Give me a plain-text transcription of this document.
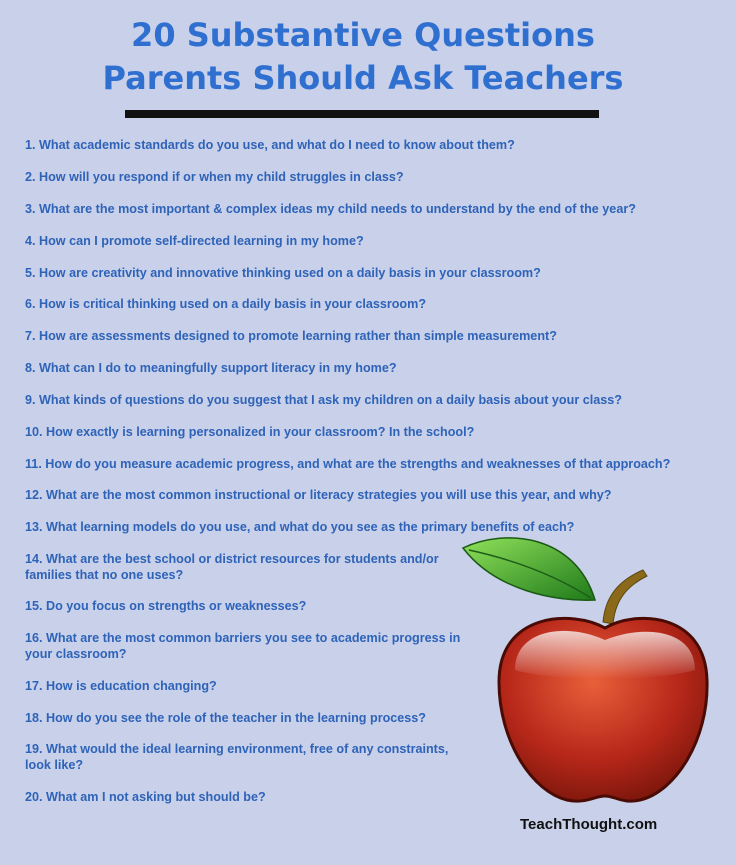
20 Substantive Questions
Parents Should Ask Teachers

1. What academic standards do you use, and what do I need to know about them?

2. How will you respond if or when my child struggles in class?

3. What are the most important & complex ideas my child needs to understand by the end of the year?

4. How can I promote self-directed learning in my home?

5. How are creativity and innovative thinking used on a daily basis in your classroom?

6. How is critical thinking used on a daily basis in your classroom?

7. How are assessments designed to promote learning rather than simple measurement?

8. What can I do to meaningfully support literacy in my home?

9. What kinds of questions do you suggest that I ask my children on a daily basis about your class?

10. How exactly is learning personalized in your classroom? In the school?

11. How do you measure academic progress, and what are the strengths and weaknesses of that approach?

12. What are the most common instructional or literacy strategies you will use this year, and why?

13. What learning models do you use, and what do you see as the primary benefits of each?

14. What are the best school or district resources for students and/or families that no one uses?

15. Do you focus on strengths or weaknesses?

16. What are the most common barriers you see to academic progress in your classroom?

17. How is education changing?

18. How do you see the role of the teacher in the learning process?

19. What would the ideal learning environment, free of any constraints, look like?

20. What am I not asking but should be?

TeachThought.com
